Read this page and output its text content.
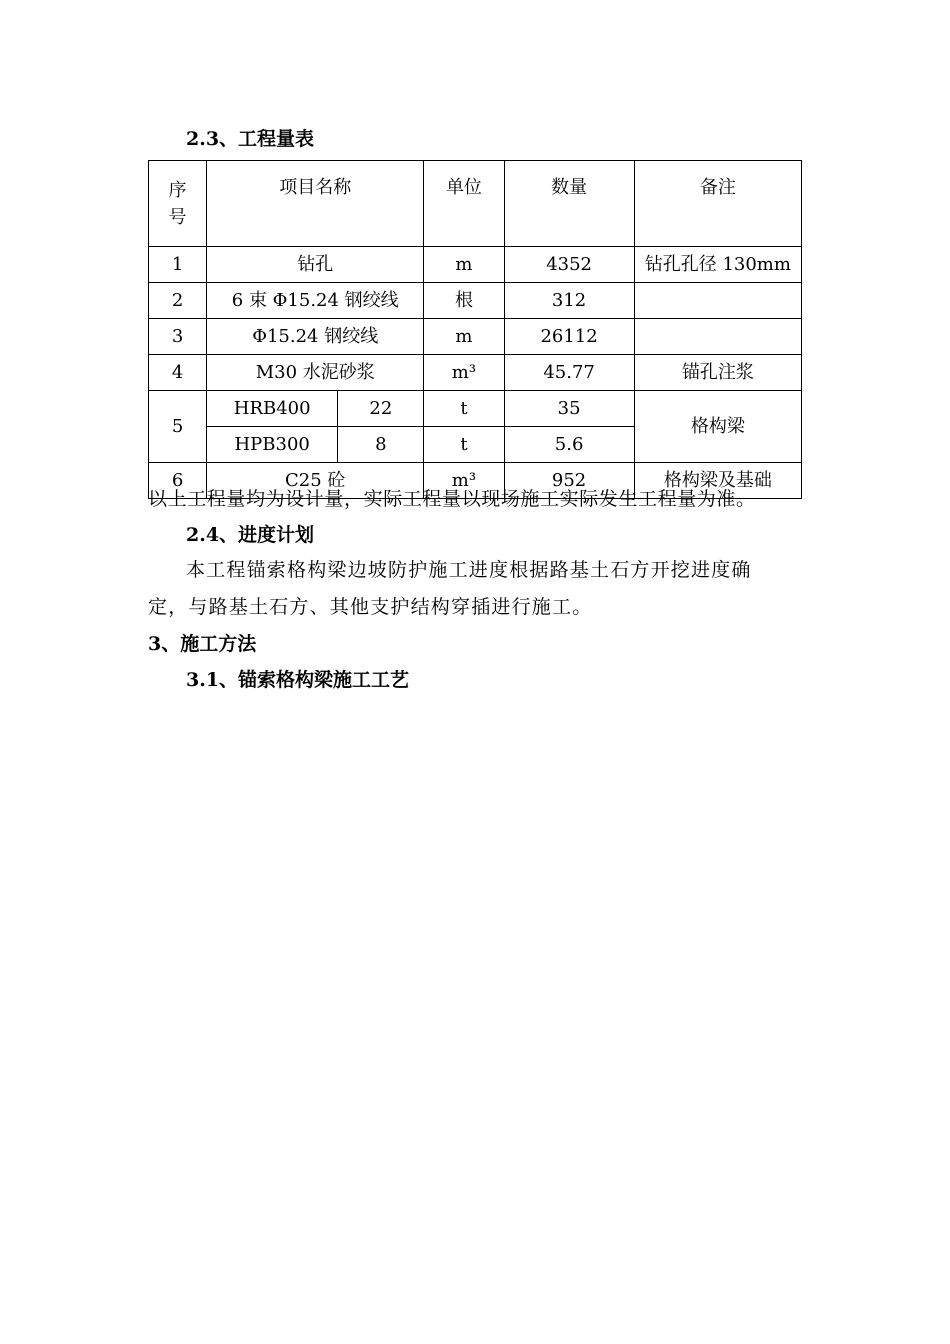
2.3、工程量表
序号	项目名称		单位	数量	备注
1	钻孔		m	4352	钻孔孔径 130mm
2	6 束 Φ15.24 钢绞线		根	312	
3	Φ15.24 钢绞线		m	26112	
4	M30 水泥砂浆		m³	45.77	锚孔注浆
5	HRB400	22	t	35	格构梁
	HPB300	8	t	5.6	
6	C25 砼		m³	952	格构梁及基础
以上工程量均为设计量，实际工程量以现场施工实际发生工程量为准。
2.4、进度计划
本工程锚索格构梁边坡防护施工进度根据路基土石方开挖进度确
定，与路基土石方、其他支护结构穿插进行施工。
3、施工方法
3.1、锚索格构梁施工工艺
